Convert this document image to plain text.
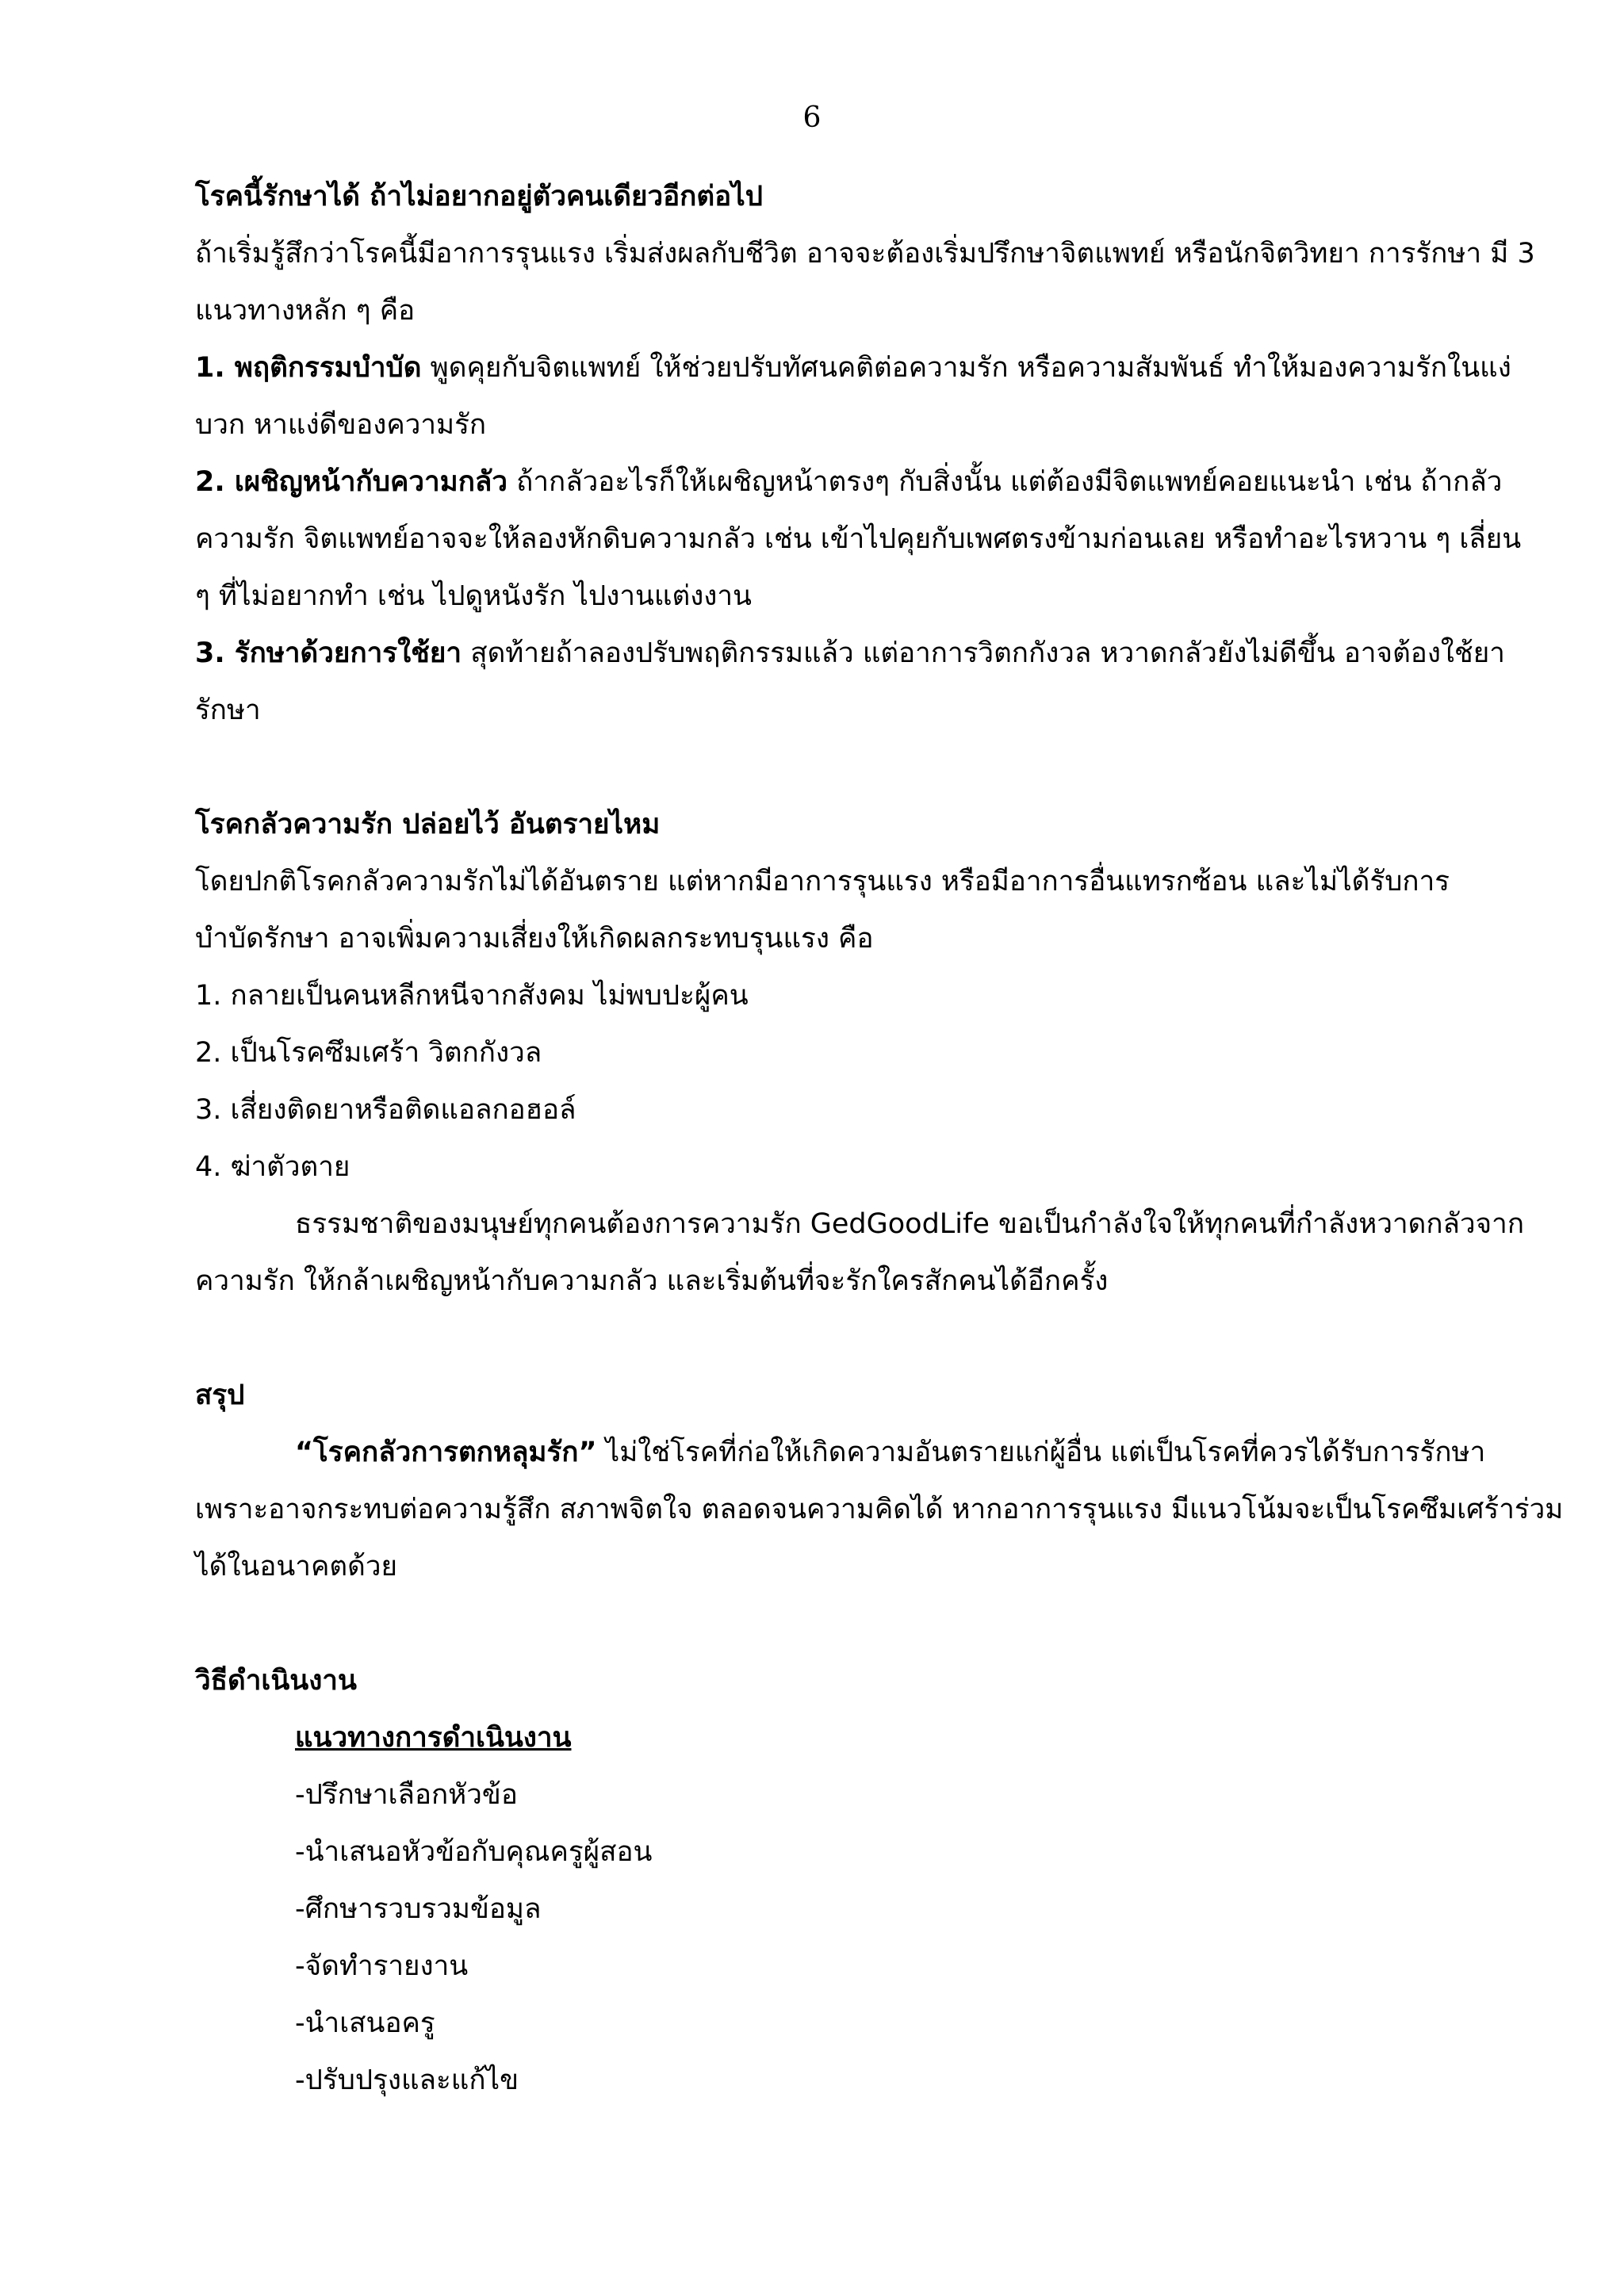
6
โรคนี้รักษาได้ ถ้าไม่อยากอยู่ตัวคนเดียวอีกต่อไป
ถ้าเริ่มรู้สึกว่าโรคนี้มีอาการรุนแรง เริ่มส่งผลกับชีวิต อาจจะต้องเริ่มปรึกษาจิตแพทย์ หรือนักจิตวิทยา การรักษา มี 3
แนวทางหลัก ๆ คือ
1. พฤติกรรมบำบัด พูดคุยกับจิตแพทย์ ให้ช่วยปรับทัศนคติต่อความรัก หรือความสัมพันธ์ ทำให้มองความรักในแง่
บวก หาแง่ดีของความรัก
2. เผชิญหน้ากับความกลัว ถ้ากลัวอะไรก็ให้เผชิญหน้าตรงๆ กับสิ่งนั้น แต่ต้องมีจิตแพทย์คอยแนะนำ เช่น ถ้ากลัว
ความรัก จิตแพทย์อาจจะให้ลองหักดิบความกลัว เช่น เข้าไปคุยกับเพศตรงข้ามก่อนเลย หรือทำอะไรหวาน ๆ เลี่ยน
ๆ ที่ไม่อยากทำ เช่น ไปดูหนังรัก ไปงานแต่งงาน
3. รักษาด้วยการใช้ยา สุดท้ายถ้าลองปรับพฤติกรรมแล้ว แต่อาการวิตกกังวล หวาดกลัวยังไม่ดีขึ้น อาจต้องใช้ยา
รักษา
โรคกลัวความรัก ปล่อยไว้ อันตรายไหม
โดยปกติโรคกลัวความรักไม่ได้อันตราย แต่หากมีอาการรุนแรง หรือมีอาการอื่นแทรกซ้อน และไม่ได้รับการ
บำบัดรักษา อาจเพิ่มความเสี่ยงให้เกิดผลกระทบรุนแรง คือ
1. กลายเป็นคนหลีกหนีจากสังคม ไม่พบปะผู้คน
2. เป็นโรคซึมเศร้า วิตกกังวล
3. เสี่ยงติดยาหรือติดแอลกอฮอล์
4. ฆ่าตัวตาย
ธรรมชาติของมนุษย์ทุกคนต้องการความรัก GedGoodLife ขอเป็นกำลังใจให้ทุกคนที่กำลังหวาดกลัวจาก
ความรัก ให้กล้าเผชิญหน้ากับความกลัว และเริ่มต้นที่จะรักใครสักคนได้อีกครั้ง
สรุป
“โรคกลัวการตกหลุมรัก” ไม่ใช่โรคที่ก่อให้เกิดความอันตรายแก่ผู้อื่น แต่เป็นโรคที่ควรได้รับการรักษา
เพราะอาจกระทบต่อความรู้สึก สภาพจิตใจ ตลอดจนความคิดได้ หากอาการรุนแรง มีแนวโน้มจะเป็นโรคซึมเศร้าร่วม
ได้ในอนาคตด้วย
วิธีดำเนินงาน
แนวทางการดำเนินงาน
-ปรึกษาเลือกหัวข้อ
-นำเสนอหัวข้อกับคุณครูผู้สอน
-ศึกษารวบรวมข้อมูล
-จัดทำรายงาน
-นำเสนอครู
-ปรับปรุงและแก้ไข
